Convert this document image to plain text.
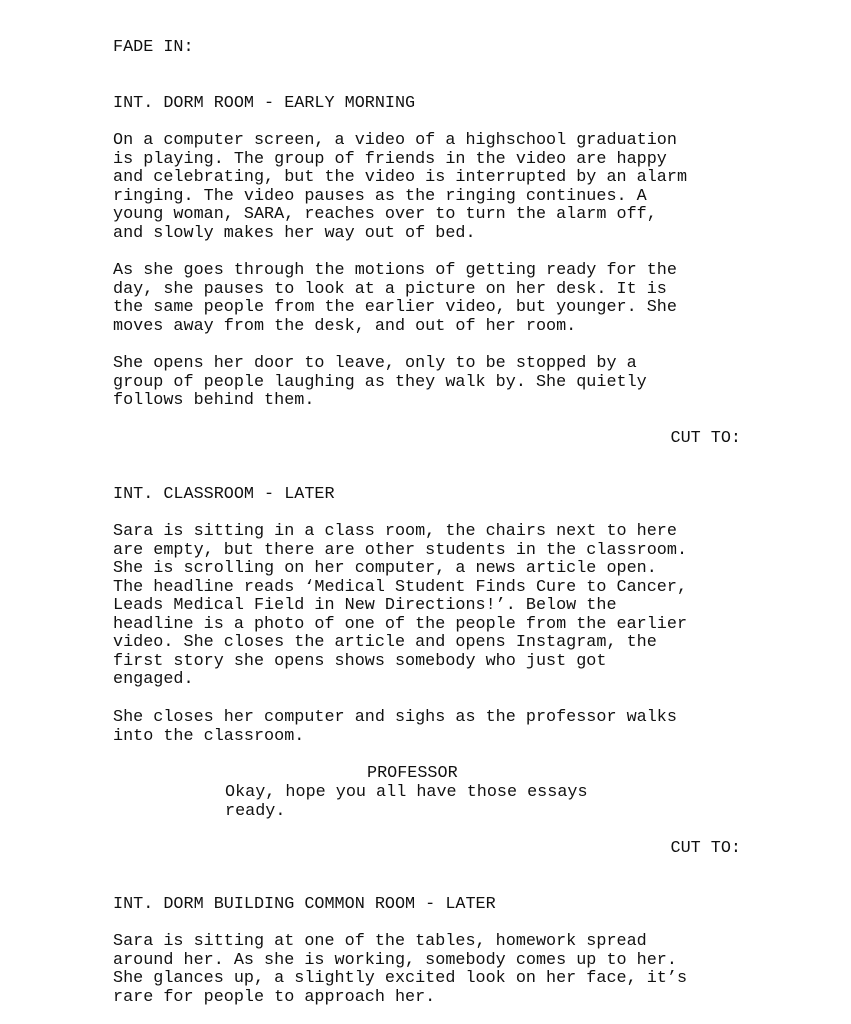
FADE IN:
INT. DORM ROOM - EARLY MORNING
On a computer screen, a video of a highschool graduation
is playing. The group of friends in the video are happy
and celebrating, but the video is interrupted by an alarm
ringing. The video pauses as the ringing continues. A
young woman, SARA, reaches over to turn the alarm off,
and slowly makes her way out of bed.
As she goes through the motions of getting ready for the
day, she pauses to look at a picture on her desk. It is
the same people from the earlier video, but younger. She
moves away from the desk, and out of her room.
She opens her door to leave, only to be stopped by a
group of people laughing as they walk by. She quietly
follows behind them.
CUT TO:
INT. CLASSROOM - LATER
Sara is sitting in a class room, the chairs next to here
are empty, but there are other students in the classroom.
She is scrolling on her computer, a news article open.
The headline reads ‘Medical Student Finds Cure to Cancer,
Leads Medical Field in New Directions!’. Below the
headline is a photo of one of the people from the earlier
video. She closes the article and opens Instagram, the
first story she opens shows somebody who just got
engaged.
She closes her computer and sighs as the professor walks
into the classroom.
PROFESSOR
Okay, hope you all have those essays
ready.
CUT TO:
INT. DORM BUILDING COMMON ROOM - LATER
Sara is sitting at one of the tables, homework spread
around her. As she is working, somebody comes up to her.
She glances up, a slightly excited look on her face, it’s
rare for people to approach her.
